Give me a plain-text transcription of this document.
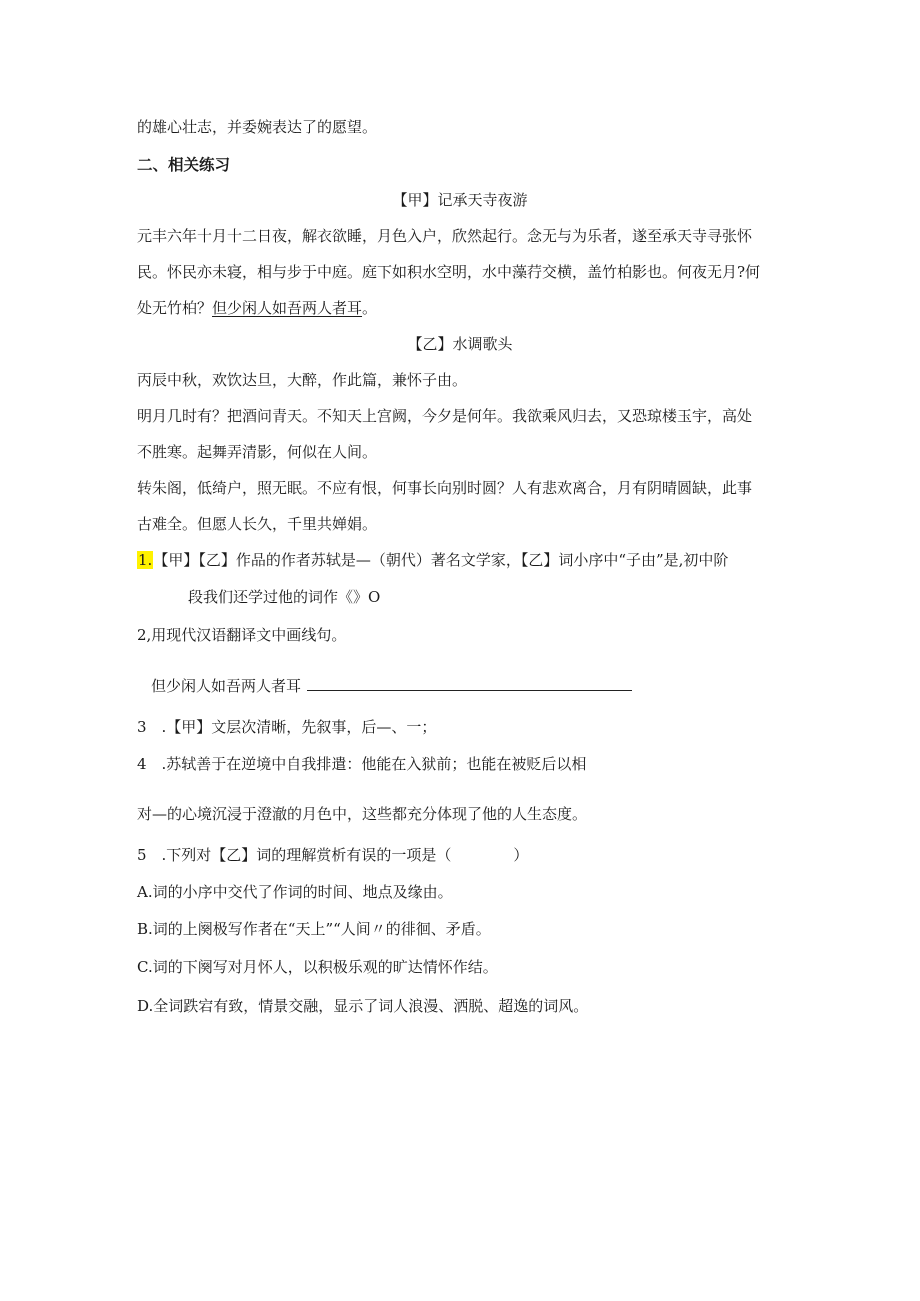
的雄心壮志，并委婉表达了的愿望。
二、相关练习
【甲】记承天寺夜游
元丰六年十月十二日夜，解衣欲睡，月色入户，欣然起行。念无与为乐者，遂至承天寺寻张怀
民。怀民亦未寝，相与步于中庭。庭下如积水空明，水中藻荇交横，盖竹柏影也。何夜无月?何
处无竹柏？但少闲人如吾两人者耳。
【乙】水调歌头
丙辰中秋，欢饮达旦，大醉，作此篇，兼怀子由。
明月几时有？把酒问青天。不知天上宫阙，今夕是何年。我欲乘风归去，又恐琼楼玉宇，高处
不胜寒。起舞弄清影，何似在人间。
转朱阁，低绮户，照无眠。不应有恨，何事长向别时圆？人有悲欢离合，月有阴晴圆缺，此事
古难全。但愿人长久，千里共婵娟。
1.【甲】【乙】作品的作者苏轼是—（朝代）著名文学家，【乙】词小序中“子由”是,初中阶
段我们还学过他的词作《》O
2,用现代汉语翻译文中画线句。
但少闲人如吾两人者耳
3　.【甲】文层次清晰，先叙事，后—、一；
4　.苏轼善于在逆境中自我排遣：他能在入狱前；也能在被贬后以相
对—的心境沉浸于澄澈的月色中，这些都充分体现了他的人生态度。
5　.下列对【乙】词的理解赏析有误的一项是（	）
A.词的小序中交代了作词的时间、地点及缘由。
B.词的上阕极写作者在“天上”“人间〃的徘徊、矛盾。
C.词的下阕写对月怀人，以积极乐观的旷达情怀作结。
D.全词跌宕有致，情景交融，显示了词人浪漫、洒脱、超逸的词风。
